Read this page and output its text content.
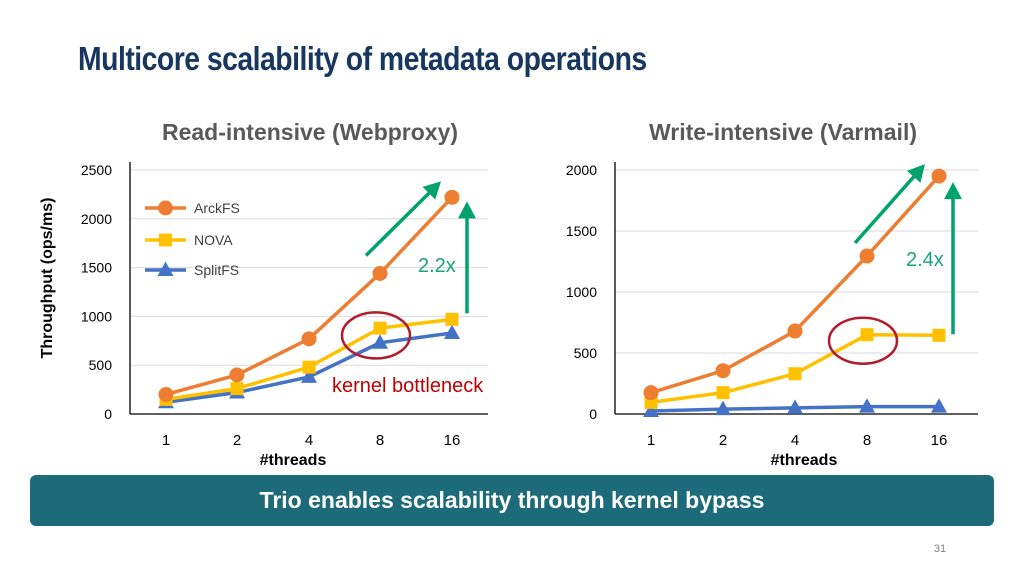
Multicore scalability of metadata operations
Read-intensive (Webproxy)
0
500
1000
1500
2000
2500
1	2	4	8	16
#threads
Throughput (ops/ms)	2.2x
kernel bottleneck
ArckFS
NOVA
SplitFS
Write-intensive (Varmail)
0
500
1000
1500
2000
1	2	4	8	16
#threads
2.4x
Trio enables scalability through kernel bypass
31
